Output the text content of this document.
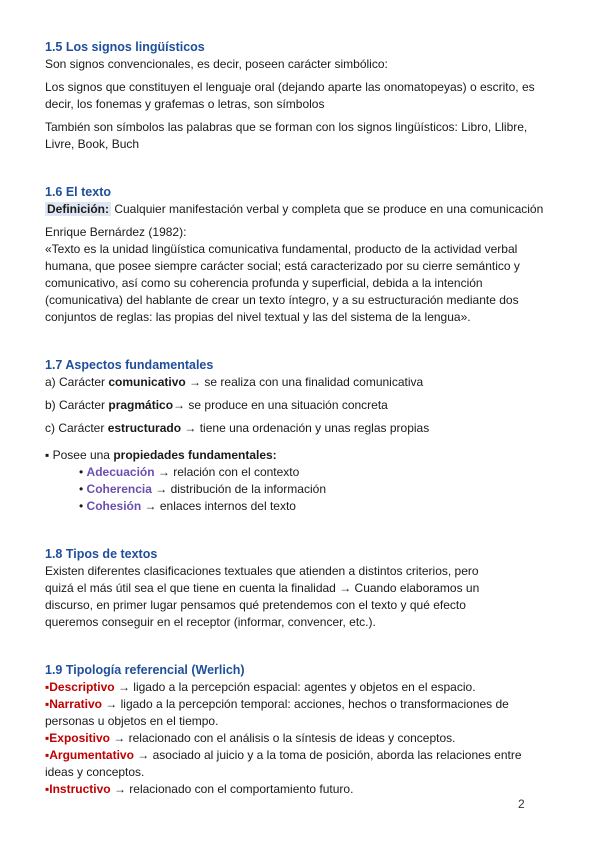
1.5 Los signos lingüísticos

Son signos convencionales, es decir, poseen carácter simbólico:

Los signos que constituyen el lenguaje oral (dejando aparte las onomatopeyas) o escrito, es

decir, los fonemas y grafemas o letras, son símbolos

También son símbolos las palabras que se forman con los signos lingüísticos: Libro, Llibre,

Livre, Book, Buch

1.6 El texto

Definición: Cualquier manifestación verbal y completa que se produce en una comunicación

Enrique Bernárdez (1982):

«Texto es la unidad lingüística comunicativa fundamental, producto de la actividad verbal

humana, que posee siempre carácter social; está caracterizado por su cierre semántico y

comunicativo, así como su coherencia profunda y superficial, debida a la intención

(comunicativa) del hablante de crear un texto íntegro, y a su estructuración mediante dos

conjuntos de reglas: las propias del nivel textual y las del sistema de la lengua».

1.7 Aspectos fundamentales

a) Carácter comunicativo → se realiza con una finalidad comunicativa

b) Carácter pragmático→ se produce en una situación concreta

c) Carácter estructurado → tiene una ordenación y unas reglas propias

▪ Posee una propiedades fundamentales:

• Adecuación → relación con el contexto

• Coherencia → distribución de la información

• Cohesión → enlaces internos del texto

1.8 Tipos de textos

Existen diferentes clasificaciones textuales que atienden a distintos criterios, pero

quizá el más útil sea el que tiene en cuenta la finalidad → Cuando elaboramos un

discurso, en primer lugar pensamos qué pretendemos con el texto y qué efecto

queremos conseguir en el receptor (informar, convencer, etc.).

1.9 Tipología referencial (Werlich)

▪Descriptivo → ligado a la percepción espacial: agentes y objetos en el espacio.

▪Narrativo → ligado a la percepción temporal: acciones, hechos o transformaciones de

personas u objetos en el tiempo.

▪Expositivo → relacionado con el análisis o la síntesis de ideas y conceptos.

▪Argumentativo → asociado al juicio y a la toma de posición, aborda las relaciones entre

ideas y conceptos.

▪Instructivo → relacionado con el comportamiento futuro.

2
